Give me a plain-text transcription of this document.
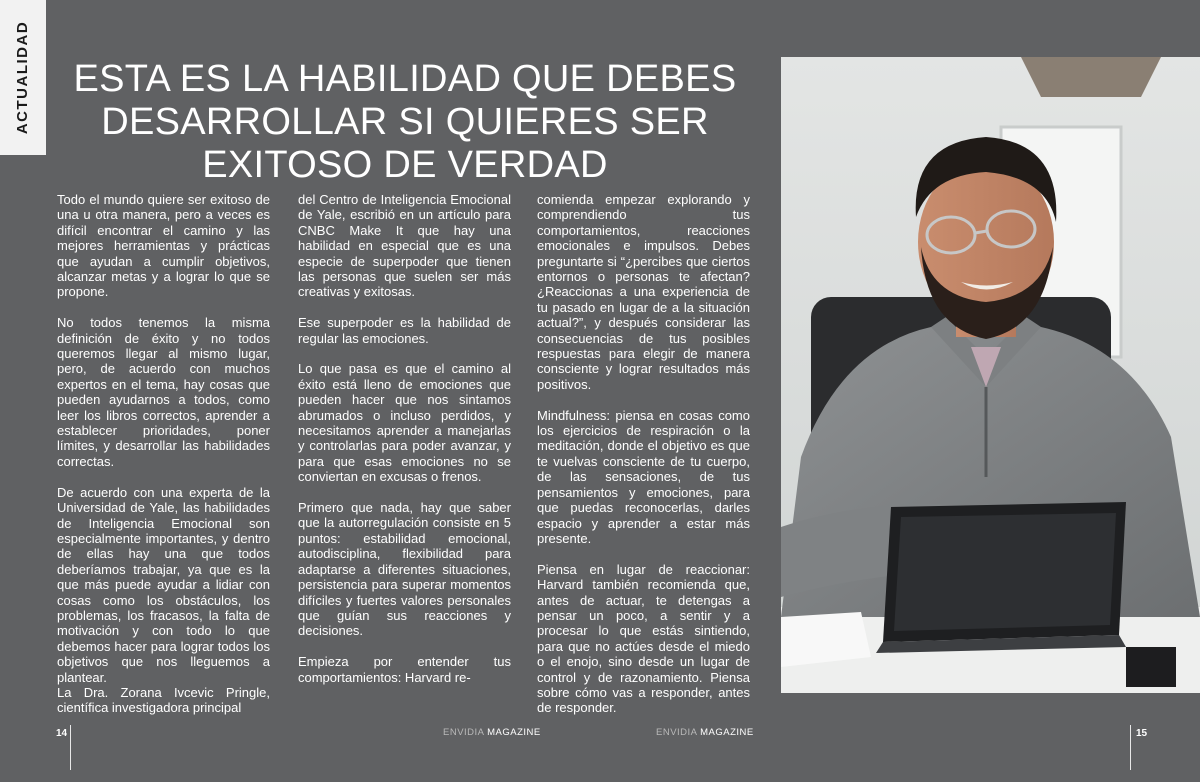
ACTUALIDAD	ESTA ES LA HABILIDAD QUE DEBES
DESARROLLAR SI QUIERES SER
EXITOSO DE VERDAD

Todo el mundo quiere ser exitoso de una u otra manera, pero a veces es difícil encontrar el camino y las mejores herramientas y prácticas que ayudan a cumplir objetivos, alcanzar metas y a lograr lo que se propone.

No todos tenemos la misma definición de éxito y no todos queremos llegar al mismo lugar, pero, de acuerdo con muchos expertos en el tema, hay cosas que pueden ayudarnos a todos, como leer los libros correctos, aprender a establecer prioridades, poner límites, y desarrollar las habilidades correctas.

De acuerdo con una experta de la Universidad de Yale, las habilidades de Inteligencia Emocional son especialmente importantes, y dentro de ellas hay una que todos deberíamos trabajar, ya que es la que más puede ayudar a lidiar con cosas como los obstáculos, los problemas, los fracasos, la falta de motivación y con todo lo que debemos hacer para lograr todos los objetivos que nos lleguemos a plantear.

La Dra. Zorana Ivcevic Pringle, científica investigadora principal

del Centro de Inteligencia Emocional de Yale, escribió en un artículo para CNBC Make It que hay una habilidad en especial que es una especie de superpoder que tienen las personas que suelen ser más creativas y exitosas.

Ese superpoder es la habilidad de regular las emociones.

Lo que pasa es que el camino al éxito está lleno de emociones que pueden hacer que nos sintamos abrumados o incluso perdidos, y necesitamos aprender a manejarlas y controlarlas para poder avanzar, y para que esas emociones no se conviertan en excusas o frenos.

Primero que nada, hay que saber que la autorregulación consiste en 5 puntos: estabilidad emocional, autodisciplina, flexibilidad para adaptarse a diferentes situaciones, persistencia para superar momentos difíciles y fuertes valores personales que guían sus reacciones y decisiones.

Empieza por entender tus comportamientos: Harvard re-

comienda empezar explorando y comprendiendo tus comportamientos, reacciones emocionales e impulsos. Debes preguntarte si “¿percibes que ciertos entornos o personas te afectan? ¿Reaccionas a una experiencia de tu pasado en lugar de a la situación actual?”, y después considerar las consecuencias de tus posibles respuestas para elegir de manera consciente y lograr resultados más positivos.

Mindfulness: piensa en cosas como los ejercicios de respiración o la meditación, donde el objetivo es que te vuelvas consciente de tu cuerpo, de las sensaciones, de tus pensamientos y emociones, para que puedas reconocerlas, darles espacio y aprender a estar más presente.

Piensa en lugar de reaccionar: Harvard también recomienda que, antes de actuar, te detengas a pensar un poco, a sentir y a procesar lo que estás sintiendo, para que no actúes desde el miedo o el enojo, sino desde un lugar de control y de razonamiento. Piensa sobre cómo vas a responder, antes de responder.

14	15
ENVIDIA MAGAZINE	ENVIDIA MAGAZINE
